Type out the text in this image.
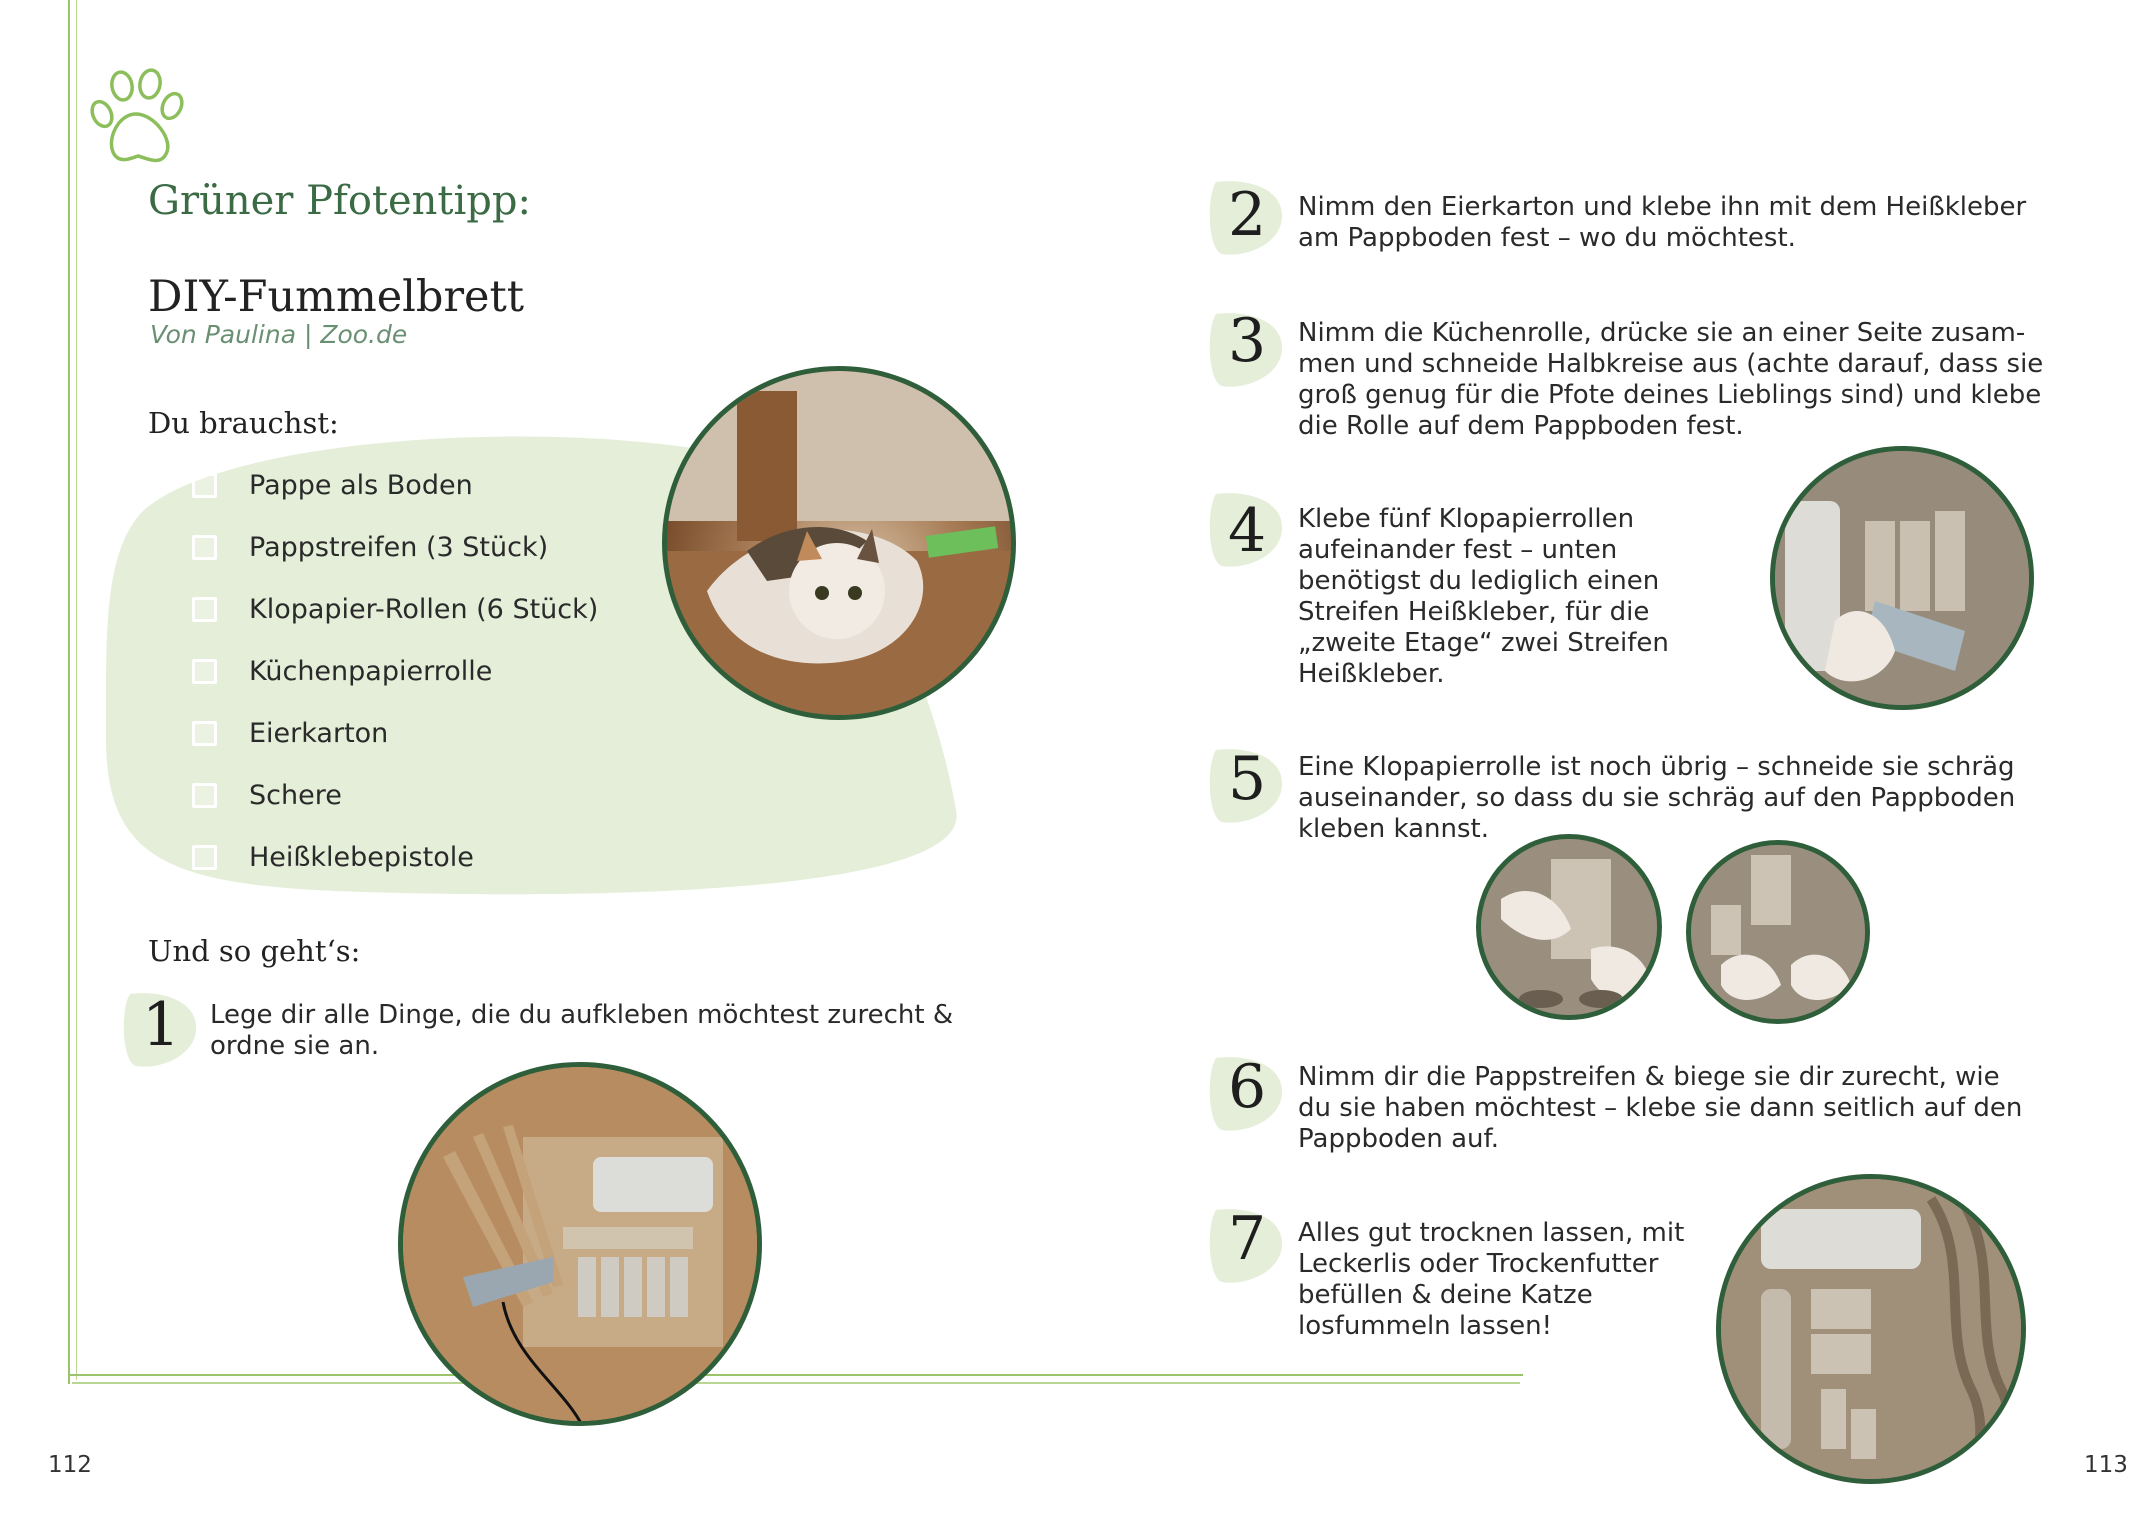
Grüner Pfotentipp:
DIY-Fummelbrett
Von Paulina | Zoo.de
Du brauchst:
Pappe als Boden
Pappstreifen (3 Stück)
Klopapier-Rollen (6 Stück)
Küchenpapierrolle
Eierkarton
Schere
Heißklebepistole
Und so geht‘s:
1 Lege dir alle Dinge, die du aufkleben möchtest zurecht &
ordne sie an.
112
2 Nimm den Eierkarton und klebe ihn mit dem Heißkleber
am Pappboden fest – wo du möchtest.
3 Nimm die Küchenrolle, drücke sie an einer Seite zusam-
men und schneide Halbkreise aus (achte darauf, dass sie
groß genug für die Pfote deines Lieblings sind) und klebe
die Rolle auf dem Pappboden fest.
4 Klebe fünf Klopapierrollen
aufeinander fest – unten
benötigst du lediglich einen
Streifen Heißkleber, für die
„zweite Etage“ zwei Streifen
Heißkleber.
5 Eine Klopapierrolle ist noch übrig – schneide sie schräg
auseinander, so dass du sie schräg auf den Pappboden
kleben kannst.
6 Nimm dir die Pappstreifen & biege sie dir zurecht, wie
du sie haben möchtest – klebe sie dann seitlich auf den
Pappboden auf.
7 Alles gut trocknen lassen, mit
Leckerlis oder Trockenfutter
befüllen & deine Katze
losfummeln lassen!
113
